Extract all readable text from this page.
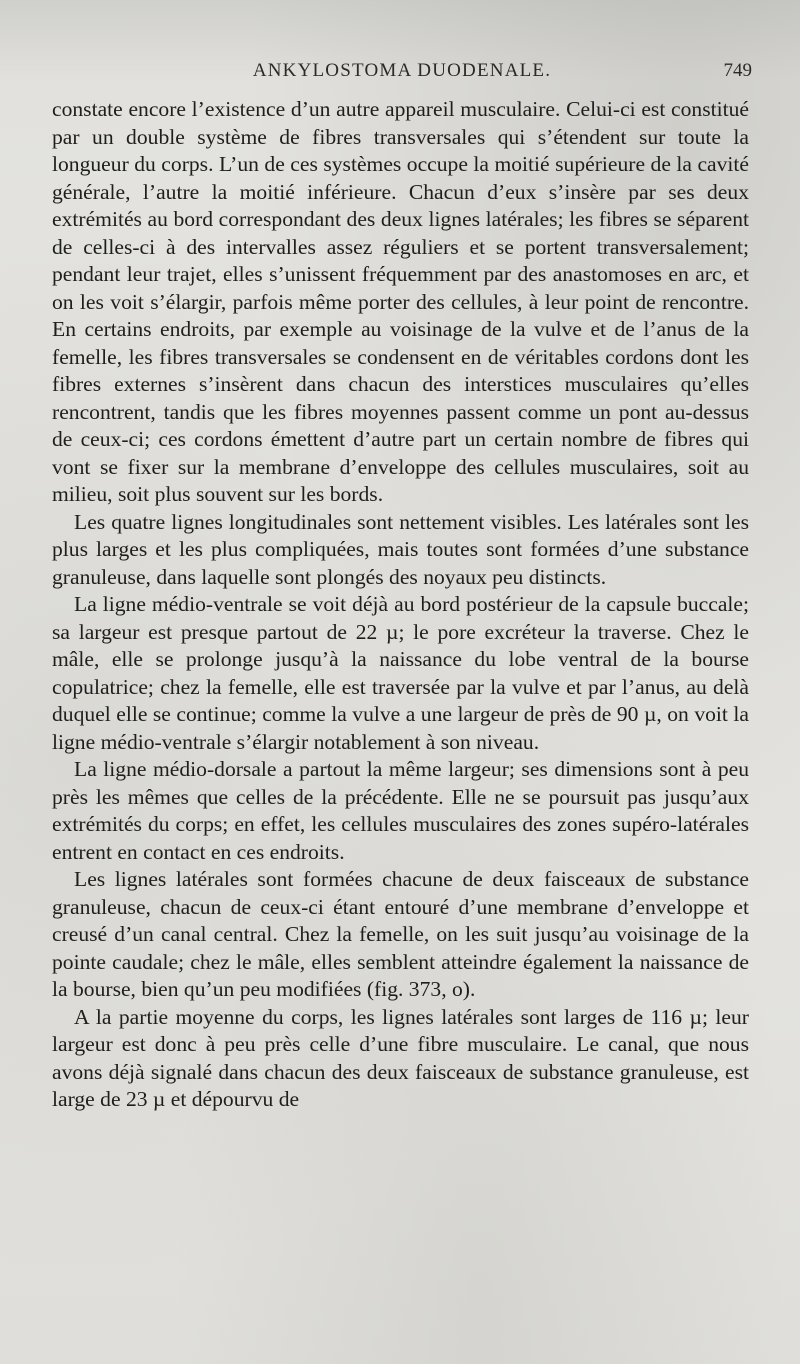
ANKYLOSTOMA DUODENALE.	749

constate encore l’existence d’un autre appareil musculaire. Celui-ci est constitué par un double système de fibres transversales qui s’étendent sur toute la longueur du corps. L’un de ces systèmes occupe la moitié supérieure de la cavité générale, l’autre la moitié inférieure. Chacun d’eux s’insère par ses deux extrémités au bord correspondant des deux lignes latérales; les fibres se séparent de celles-ci à des intervalles assez réguliers et se portent transversalement; pendant leur trajet, elles s’unissent fréquemment par des anastomoses en arc, et on les voit s’élargir, parfois même porter des cellules, à leur point de rencontre. En certains endroits, par exemple au voisinage de la vulve et de l’anus de la femelle, les fibres transversales se condensent en de véritables cordons dont les fibres externes s’insèrent dans chacun des interstices musculaires qu’elles rencontrent, tandis que les fibres moyennes passent comme un pont au-dessus de ceux-ci; ces cordons émettent d’autre part un certain nombre de fibres qui vont se fixer sur la membrane d’enveloppe des cellules musculaires, soit au milieu, soit plus souvent sur les bords.

Les quatre lignes longitudinales sont nettement visibles. Les latérales sont les plus larges et les plus compliquées, mais toutes sont formées d’une substance granuleuse, dans laquelle sont plongés des noyaux peu distincts.

La ligne médio-ventrale se voit déjà au bord postérieur de la capsule buccale; sa largeur est presque partout de 22 µ; le pore excréteur la traverse. Chez le mâle, elle se prolonge jusqu’à la naissance du lobe ventral de la bourse copulatrice; chez la femelle, elle est traversée par la vulve et par l’anus, au delà duquel elle se continue; comme la vulve a une largeur de près de 90 µ, on voit la ligne médio-ventrale s’élargir notablement à son niveau.

La ligne médio-dorsale a partout la même largeur; ses dimensions sont à peu près les mêmes que celles de la précédente. Elle ne se poursuit pas jusqu’aux extrémités du corps; en effet, les cellules musculaires des zones supéro-latérales entrent en contact en ces endroits.

Les lignes latérales sont formées chacune de deux faisceaux de substance granuleuse, chacun de ceux-ci étant entouré d’une membrane d’enveloppe et creusé d’un canal central. Chez la femelle, on les suit jusqu’au voisinage de la pointe caudale; chez le mâle, elles semblent atteindre également la naissance de la bourse, bien qu’un peu modifiées (fig. 373, o).

A la partie moyenne du corps, les lignes latérales sont larges de 116 µ; leur largeur est donc à peu près celle d’une fibre musculaire. Le canal, que nous avons déjà signalé dans chacun des deux faisceaux de substance granuleuse, est large de 23 µ et dépourvu de
